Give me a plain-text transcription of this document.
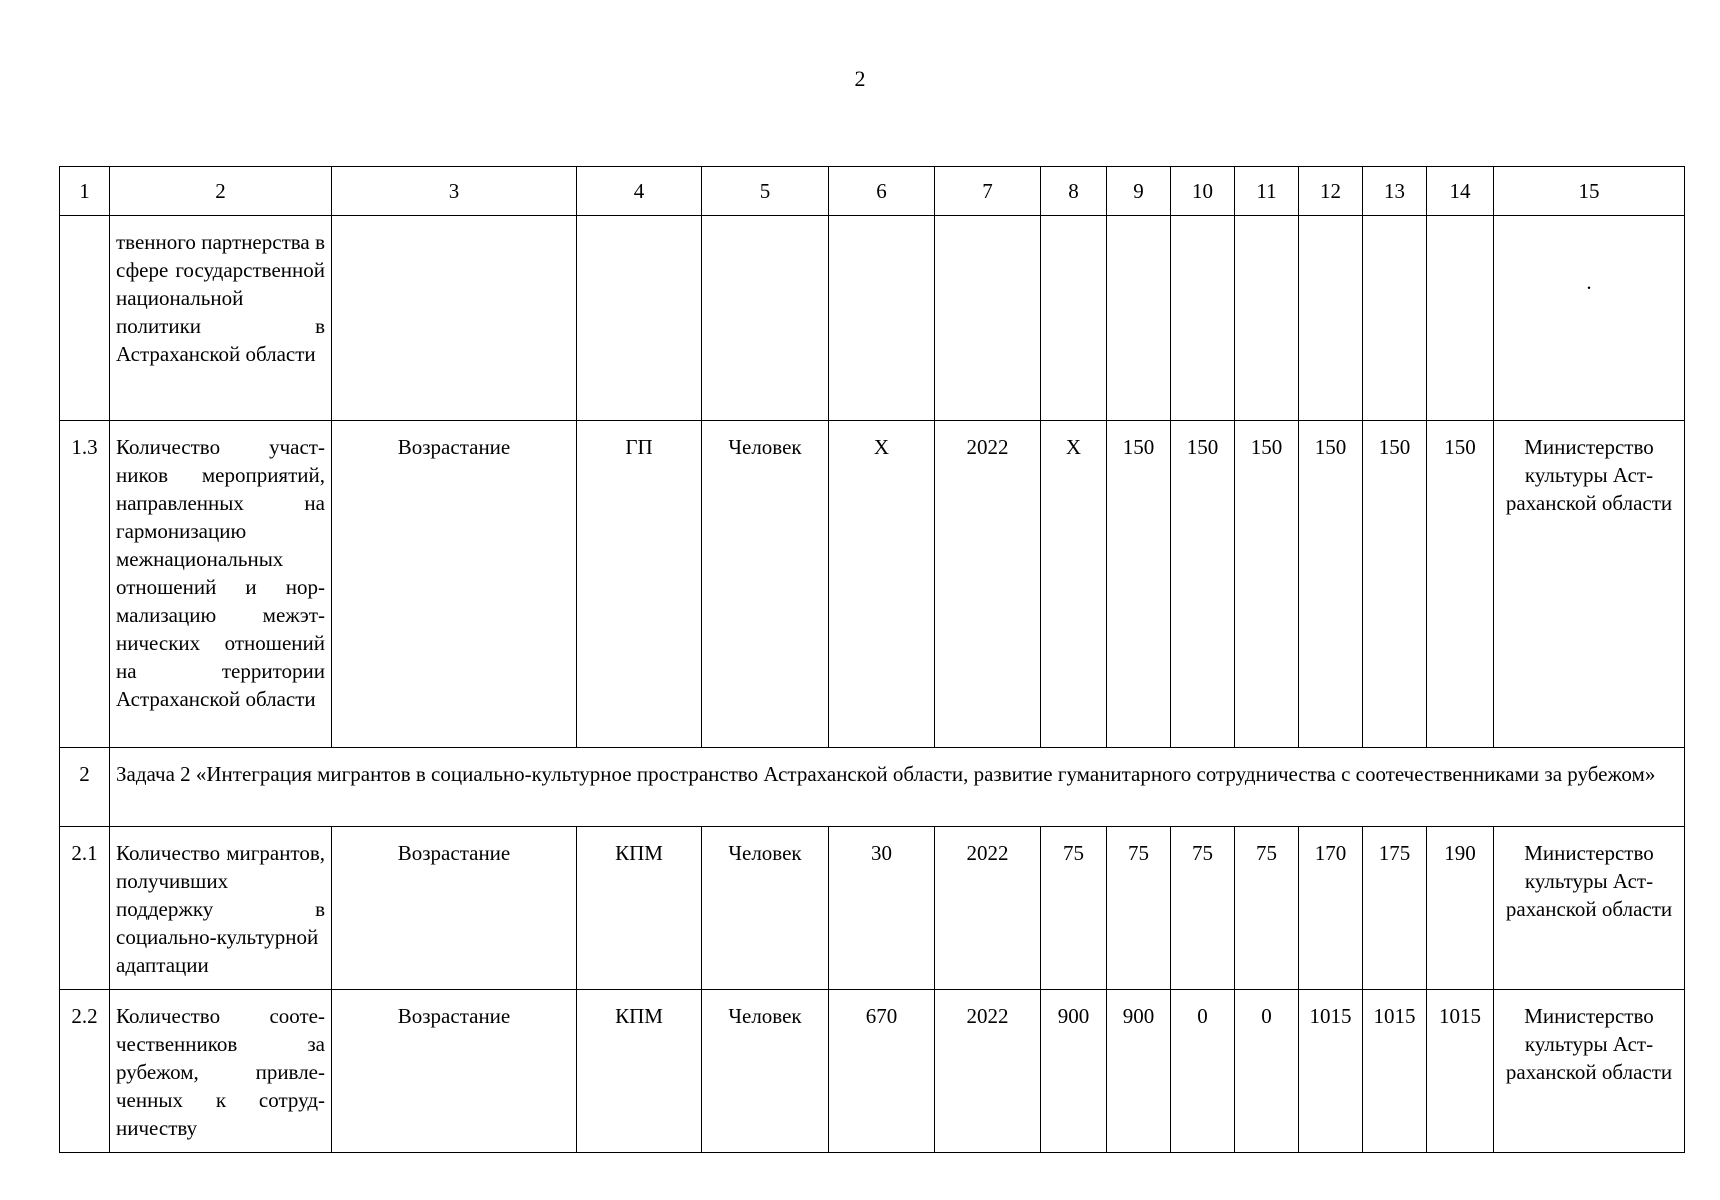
2
1	2	3	4	5	6	7	8	9	10	11	12	13	14	15
	твенного партнерства в сфере государственной национальной политики в Астраханской области													.
1.3	Количество участников мероприятий, направленных на гармонизацию межнациональных отношений и нормализацию межэтнических отношений на территории Астраханской области	Возрастание	ГП	Человек	Х	2022	Х	150	150	150	150	150	150	Министерство культуры Астраханской области
2	Задача 2 «Интеграция мигрантов в социально-культурное пространство Астраханской области, развитие гуманитарного сотрудничества с соотечественниками за рубежом»													
2.1	Количество мигрантов, получивших поддержку в социально-культурной адаптации	Возрастание	КПМ	Человек	30	2022	75	75	75	75	170	175	190	Министерство культуры Астраханской области
2.2	Количество соотечественников за рубежом, привлеченных к сотрудничеству	Возрастание	КПМ	Человек	670	2022	900	900	0	0	1015	1015	1015	Министерство культуры Астраханской области
